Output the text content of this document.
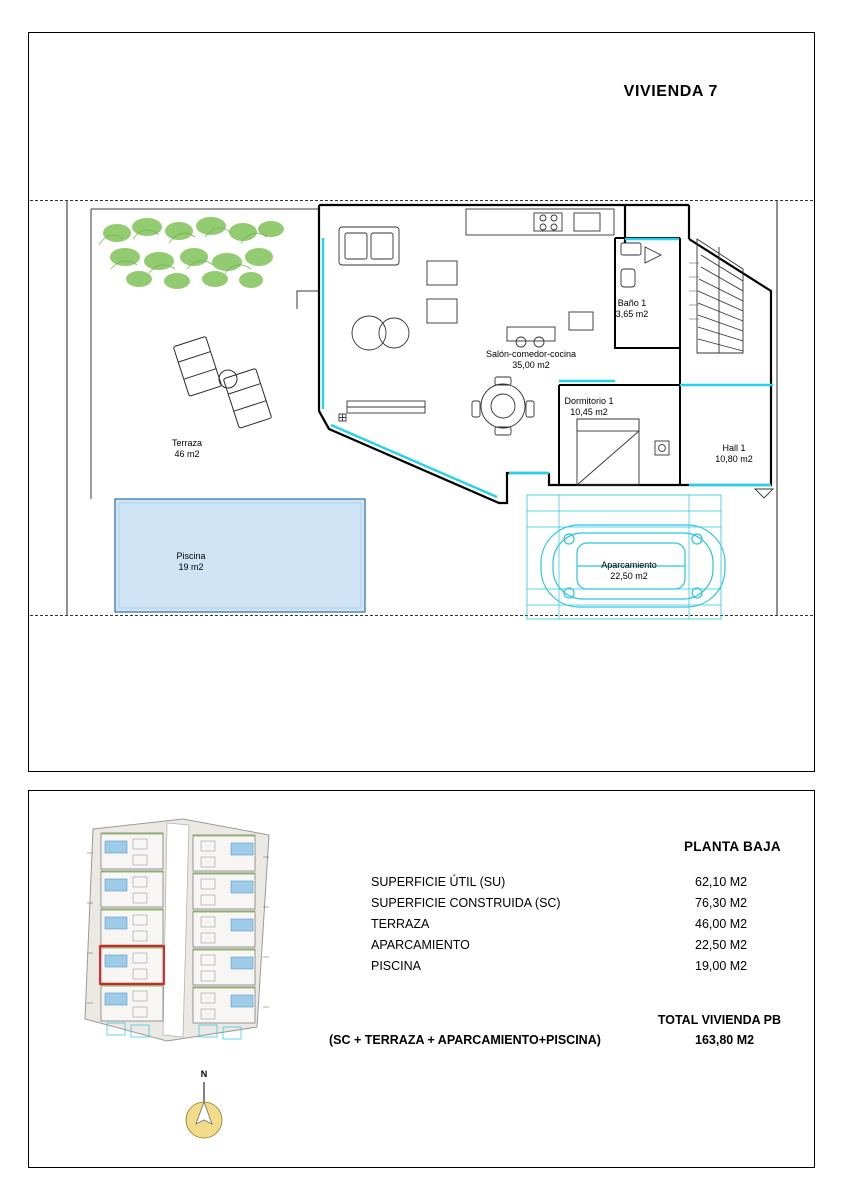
VIVIENDA 7
Terraza
46 m2
Piscina
19 m2
Salón-comedor-cocina
35,00 m2
Baño 1
3,65 m2
Dormitorio 1
10,45 m2
Hall 1
10,80 m2
Aparcamiento
22,50 m2
N
PLANTA BAJA
SUPERFICIE ÚTIL (SU)	62,10 M2
SUPERFICIE CONSTRUIDA (SC)	76,30 M2
TERRAZA	46,00 M2
APARCAMIENTO	22,50 M2
PISCINA	19,00 M2
TOTAL VIVIENDA PB
(SC + TERRAZA + APARCAMIENTO+PISCINA)	163,80 M2
